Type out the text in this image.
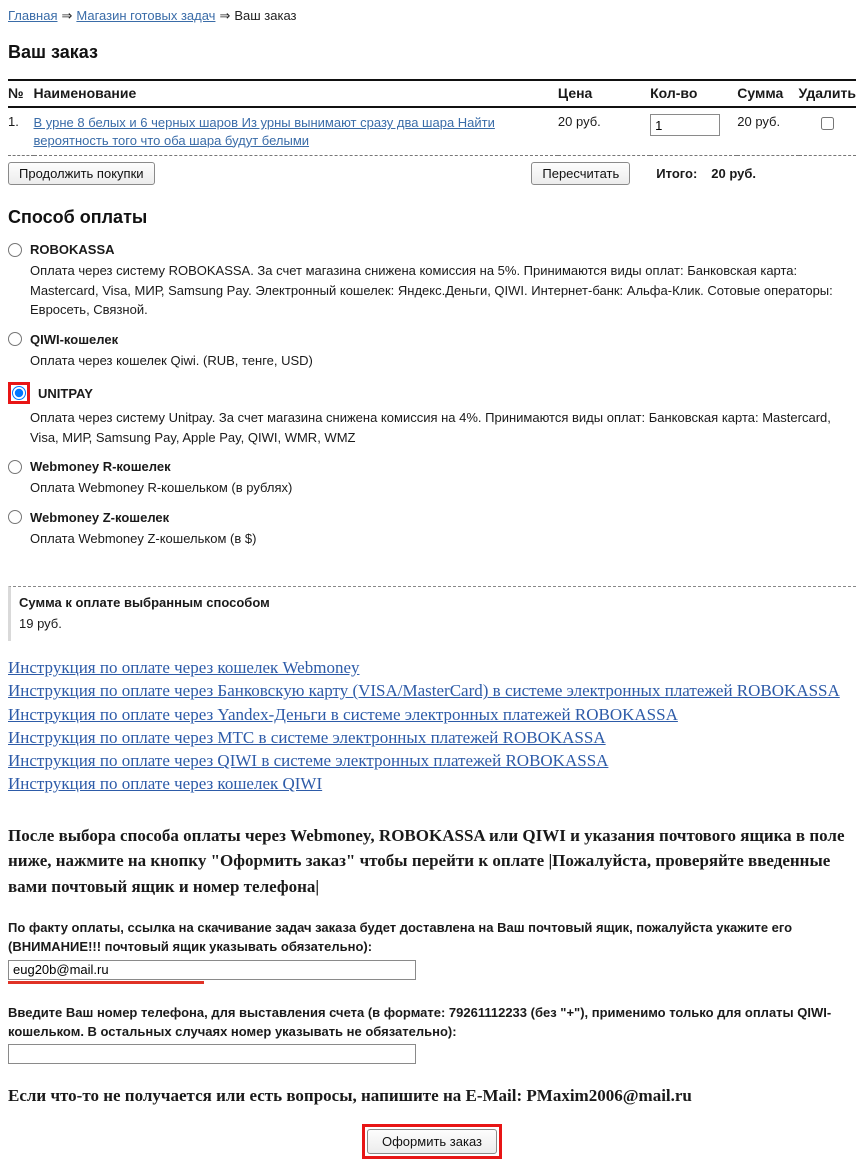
Главная ⇒ Магазин готовых задач ⇒ Ваш заказ
Ваш заказ
№	Наименование	Цена	Кол-во	Сумма	Удалить
1.	В урне 8 белых и 6 черных шаров Из урны вынимают сразу два шара Найти вероятность того что оба шара будут белыми	20 руб.	1	20 руб.	
Продолжить покупки	Пересчитать	Итого: 20 руб.
Способ оплаты
ROBOKASSA
Оплата через систему ROBOKASSA. За счет магазина снижена комиссия на 5%. Принимаются виды оплат: Банковская карта: Mastercard, Visa, МИР, Samsung Pay. Электронный кошелек: Яндекс.Деньги, QIWI. Интернет-банк: Альфа-Клик. Сотовые операторы: Евросеть, Связной.
QIWI-кошелек
Оплата через кошелек Qiwi. (RUB, тенге, USD)
UNITPAY
Оплата через систему Unitpay. За счет магазина снижена комиссия на 4%. Принимаются виды оплат: Банковская карта: Mastercard, Visa, МИР, Samsung Pay, Apple Pay, QIWI, WMR, WMZ
Webmoney R-кошелек
Оплата Webmoney R-кошельком (в рублях)
Webmoney Z-кошелек
Оплата Webmoney Z-кошельком (в $)
Сумма к оплате выбранным способом
19 руб.
Инструкция по оплате через кошелек Webmoney
Инструкция по оплате через Банковскую карту (VISA/MasterCard) в системе электронных платежей ROBOKASSA
Инструкция по оплате через Yandex-Деньги в системе электронных платежей ROBOKASSA
Инструкция по оплате через МТС в системе электронных платежей ROBOKASSA
Инструкция по оплате через QIWI в системе электронных платежей ROBOKASSA
Инструкция по оплате через кошелек QIWI
После выбора способа оплаты через Webmoney, ROBOKASSA или QIWI и указания почтового ящика в поле ниже, нажмите на кнопку "Оформить заказ" чтобы перейти к оплате |Пожалуйста, проверяйте введенные вами почтовый ящик и номер телефона|
По факту оплаты, ссылка на скачивание задач заказа будет доставлена на Ваш почтовый ящик, пожалуйста укажите его (ВНИМАНИЕ!!! почтовый ящик указывать обязательно):
eug20b@mail.ru
Введите Ваш номер телефона, для выставления счета (в формате: 79261112233 (без "+"), применимо только для оплаты QIWI-кошельком. В остальных случаях номер указывать не обязательно):
Если что-то не получается или есть вопросы, напишите на E-Mail: PMaxim2006@mail.ru
Оформить заказ
